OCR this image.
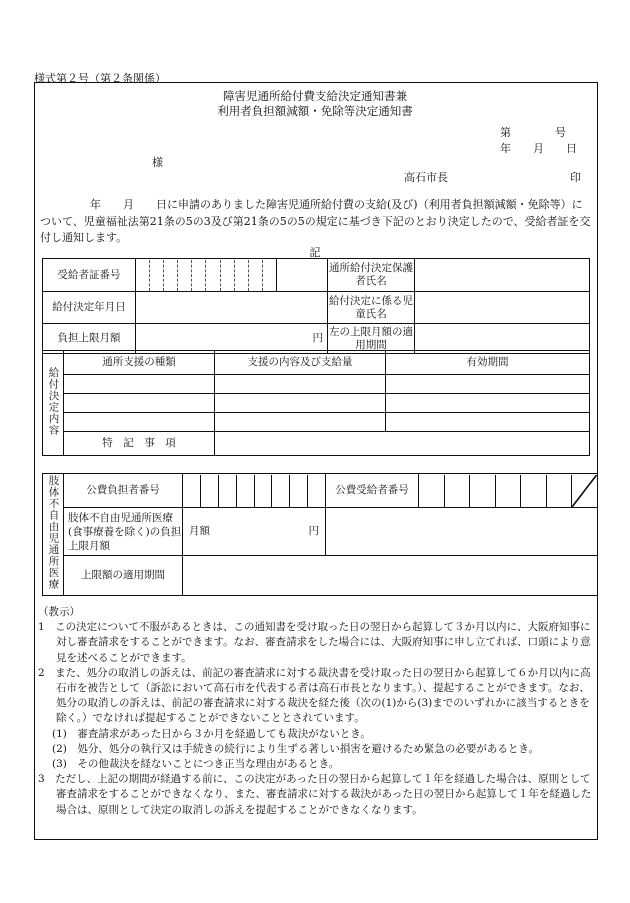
様式第２号（第２条関係）
障害児通所給付費支給決定通知書兼
利用者負担額減額・免除等決定通知書
第　　　　号
年　　月　　日
様
高石市長	印
年　　月　　日に申請のありました障害児通所給付費の支給(及び)（利用者負担額減額・免除等）について、児童福祉法第21条の5の3及び第21条の5の5の規定に基づき下記のとおり決定したので、受給者証を交付し通知します。
記
受給者証番号			通所給付決定保護者氏名	
給付決定年月日			給付決定に係る児童氏名	
負担上限月額	円		左の上限月額の適用期間	
給付決定内容	通所支援の種類	支援の内容及び支給量	有効期間

	特　記　事　項		
肢体不自由児通所医療	公費負担者番号		公費受給者番号	

	肢体不自由児通所医療(食事療養を除く)の負担上限月額	月額 円		

	上限額の適用期間			

（教示）

1　この決定について不服があるときは、この通知書を受け取った日の翌日から起算して３か月以内に、大阪府知事に対し審査請求をすることができます。なお、審査請求をした場合には、大阪府知事に申し立てれば、口頭により意見を述べることができます。

2　また、処分の取消しの訴えは、前記の審査請求に対する裁決書を受け取った日の翌日から起算して６か月以内に高石市を被告として（訴訟において高石市を代表する者は高石市長となります。）、提起することができます。なお、処分の取消しの訴えは、前記の審査請求に対する裁決を経た後（次の(1)から(3)までのいずれかに該当するときを除く。）でなければ提起することができないこととされています。

(1)　審査請求があった日から３か月を経過しても裁決がないとき。

(2)　処分、処分の執行又は手続きの続行により生ずる著しい損害を避けるため緊急の必要があるとき。

(3)　その他裁決を経ないことにつき正当な理由があるとき。

3　ただし、上記の期間が経過する前に、この決定があった日の翌日から起算して１年を経過した場合は、原則として審査請求をすることができなくなり、また、審査請求に対する裁決があった日の翌日から起算して１年を経過した場合は、原則として決定の取消しの訴えを提起することができなくなります。
